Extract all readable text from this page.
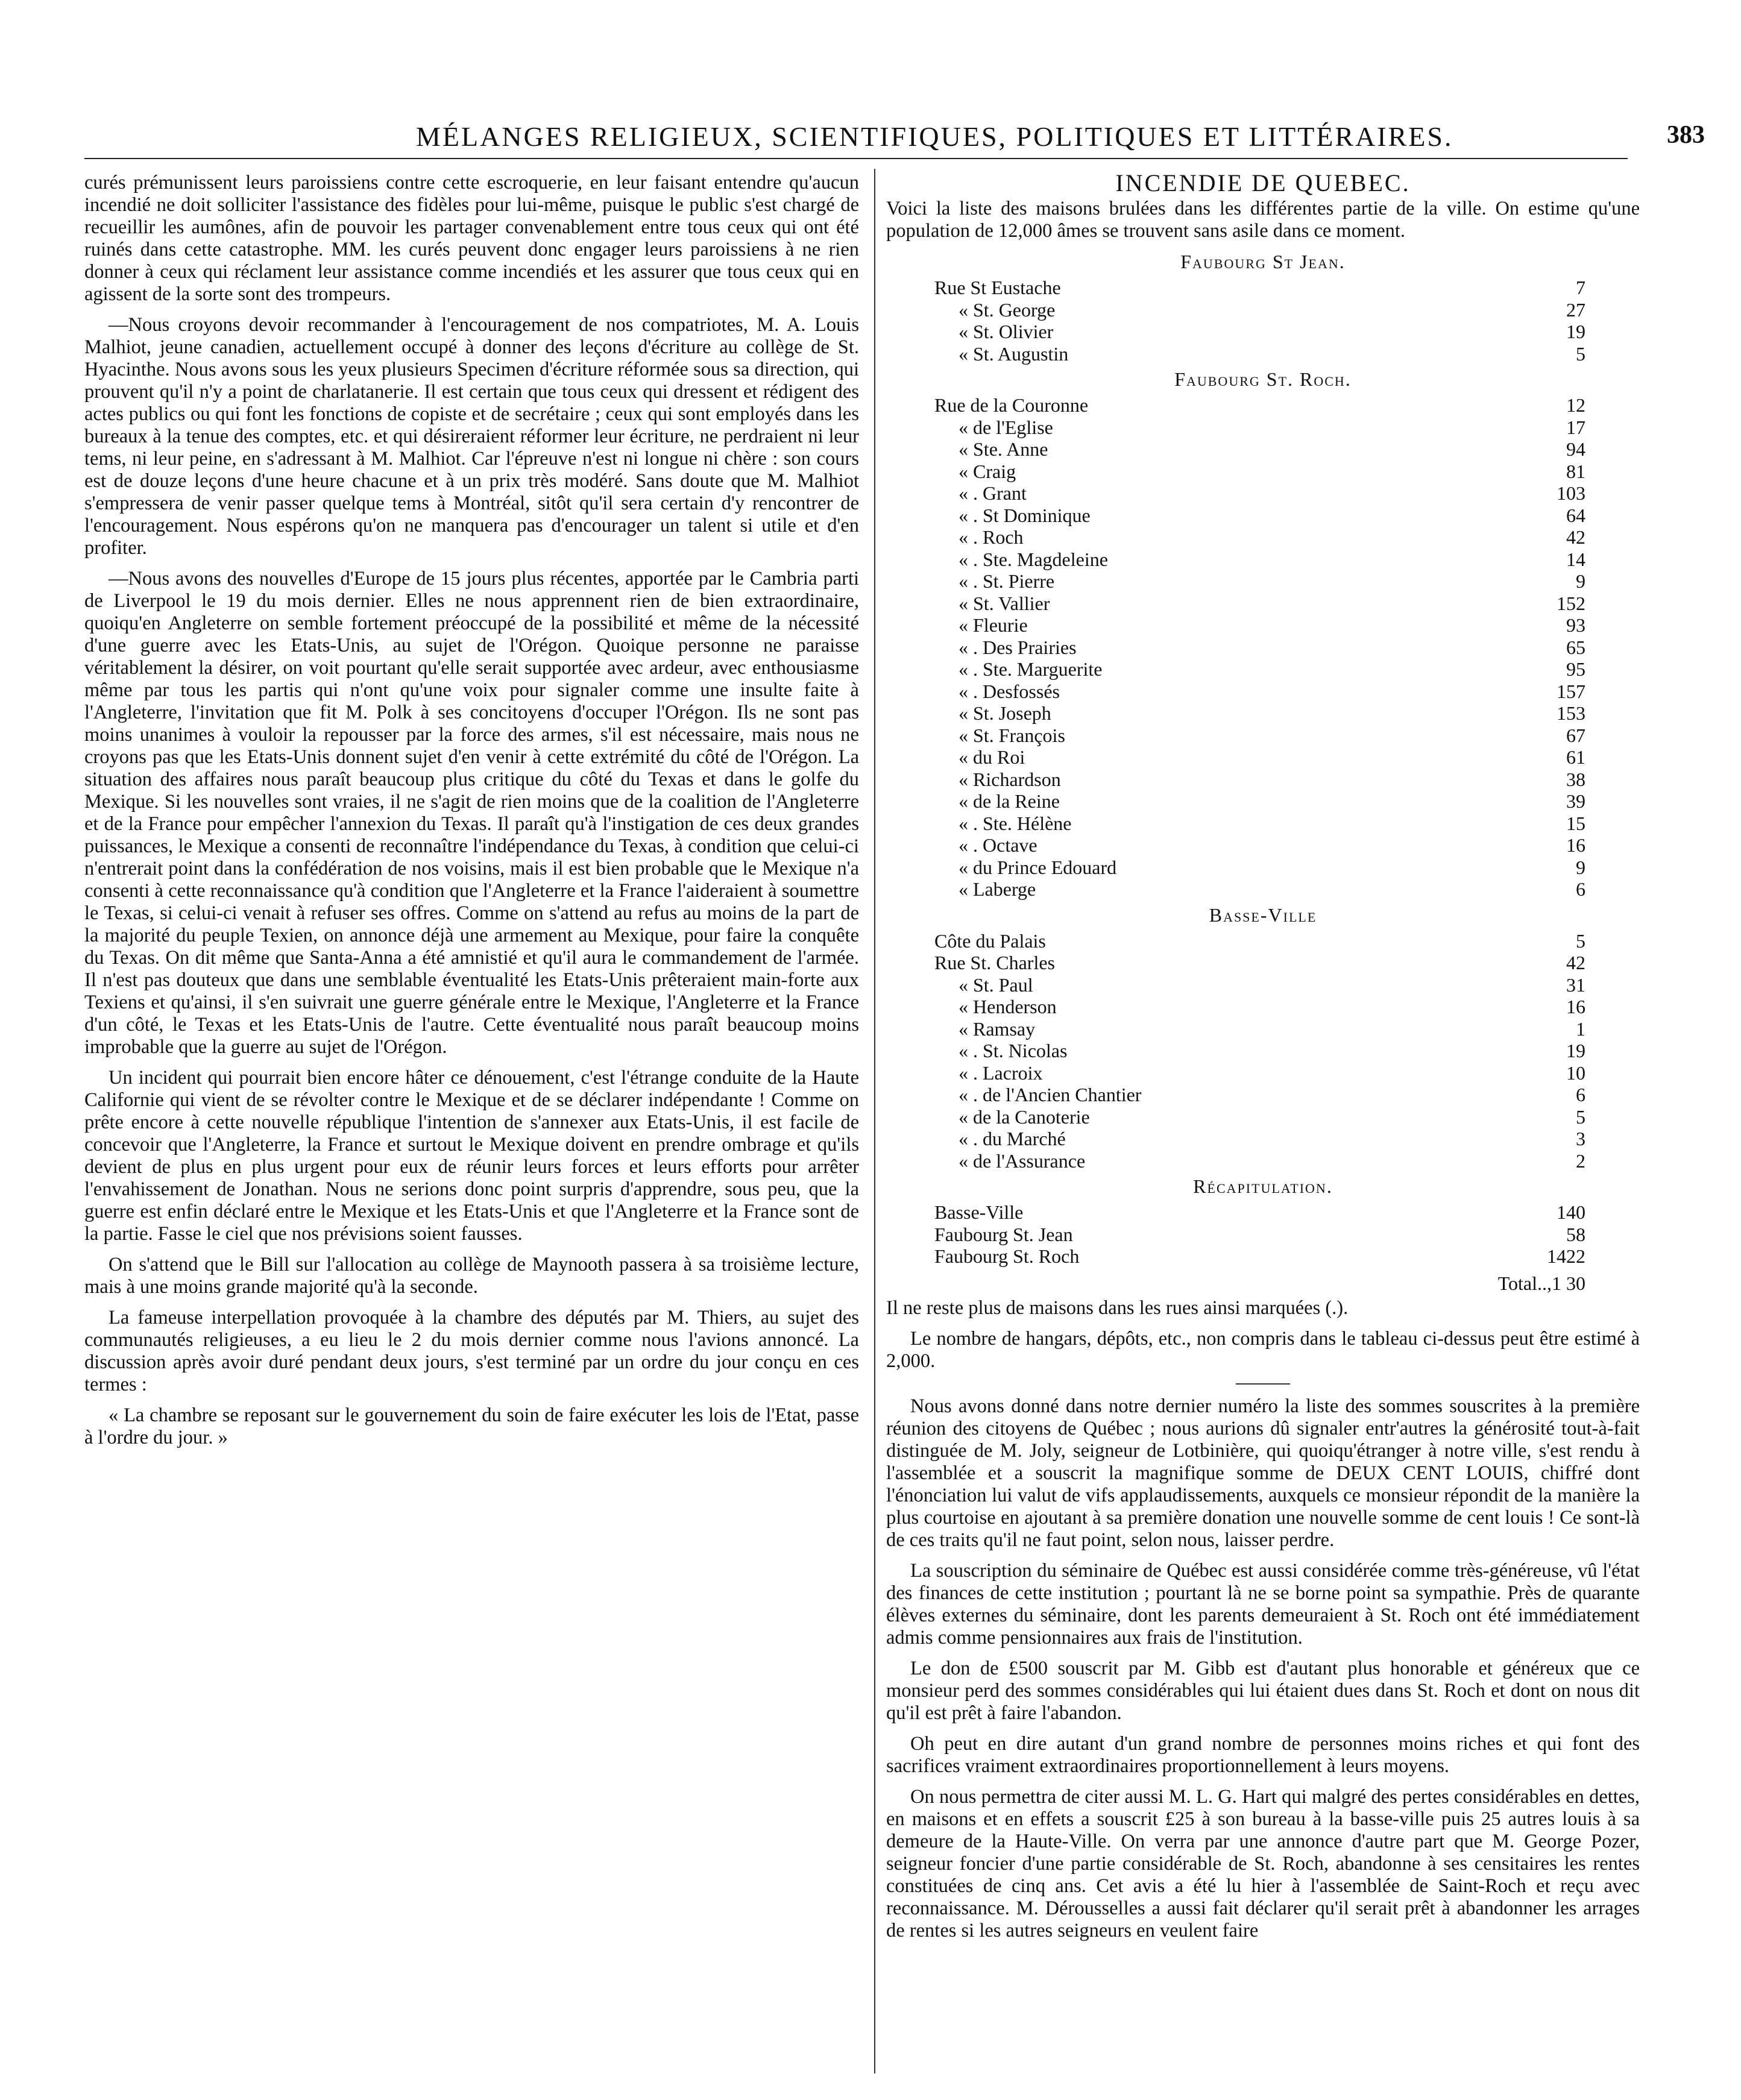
MÉLANGES RELIGIEUX, SCIENTIFIQUES, POLITIQUES ET LITTÉRAIRES.	383

curés prémunissent leurs paroissiens contre cette escroquerie, en leur faisant entendre qu'aucun incendié ne doit solliciter l'assistance des fidèles pour lui-même, puisque le public s'est chargé de recueillir les aumônes, afin de pouvoir les partager convenablement entre tous ceux qui ont été ruinés dans cette catastrophe. MM. les curés peuvent donc engager leurs paroissiens à ne rien donner à ceux qui réclament leur assistance comme incendiés et les assurer que tous ceux qui en agissent de la sorte sont des trompeurs.

—Nous croyons devoir recommander à l'encouragement de nos compatriotes, M. A. Louis Malhiot, jeune canadien, actuellement occupé à donner des leçons d'écriture au collège de St. Hyacinthe. Nous avons sous les yeux plusieurs Specimen d'écriture réformée sous sa direction, qui prouvent qu'il n'y a point de charlatanerie. Il est certain que tous ceux qui dressent et rédigent des actes publics ou qui font les fonctions de copiste et de secrétaire ; ceux qui sont employés dans les bureaux à la tenue des comptes, etc. et qui désireraient réformer leur écriture, ne perdraient ni leur tems, ni leur peine, en s'adressant à M. Malhiot. Car l'épreuve n'est ni longue ni chère : son cours est de douze leçons d'une heure chacune et à un prix très modéré. Sans doute que M. Malhiot s'empressera de venir passer quelque tems à Montréal, sitôt qu'il sera certain d'y rencontrer de l'encouragement. Nous espérons qu'on ne manquera pas d'encourager un talent si utile et d'en profiter.

—Nous avons des nouvelles d'Europe de 15 jours plus récentes, apportée par le Cambria parti de Liverpool le 19 du mois dernier. Elles ne nous apprennent rien de bien extraordinaire, quoiqu'en Angleterre on semble fortement préoccupé de la possibilité et même de la nécessité d'une guerre avec les Etats-Unis, au sujet de l'Orégon. Quoique personne ne paraisse véritablement la désirer, on voit pourtant qu'elle serait supportée avec ardeur, avec enthousiasme même par tous les partis qui n'ont qu'une voix pour signaler comme une insulte faite à l'Angleterre, l'invitation que fit M. Polk à ses concitoyens d'occuper l'Orégon. Ils ne sont pas moins unanimes à vouloir la repousser par la force des armes, s'il est nécessaire, mais nous ne croyons pas que les Etats-Unis donnent sujet d'en venir à cette extrémité du côté de l'Orégon. La situation des affaires nous paraît beaucoup plus critique du côté du Texas et dans le golfe du Mexique. Si les nouvelles sont vraies, il ne s'agit de rien moins que de la coalition de l'Angleterre et de la France pour empêcher l'annexion du Texas. Il paraît qu'à l'instigation de ces deux grandes puissances, le Mexique a consenti de reconnaître l'indépendance du Texas, à condition que celui-ci n'entrerait point dans la confédération de nos voisins, mais il est bien probable que le Mexique n'a consenti à cette reconnaissance qu'à condition que l'Angleterre et la France l'aideraient à soumettre le Texas, si celui-ci venait à refuser ses offres. Comme on s'attend au refus au moins de la part de la majorité du peuple Texien, on annonce déjà une armement au Mexique, pour faire la conquête du Texas. On dit même que Santa-Anna a été amnistié et qu'il aura le commandement de l'armée. Il n'est pas douteux que dans une semblable éventualité les Etats-Unis prêteraient main-forte aux Texiens et qu'ainsi, il s'en suivrait une guerre générale entre le Mexique, l'Angleterre et la France d'un côté, le Texas et les Etats-Unis de l'autre. Cette éventualité nous paraît beaucoup moins improbable que la guerre au sujet de l'Orégon.

Un incident qui pourrait bien encore hâter ce dénouement, c'est l'étrange conduite de la Haute Californie qui vient de se révolter contre le Mexique et de se déclarer indépendante ! Comme on prête encore à cette nouvelle république l'intention de s'annexer aux Etats-Unis, il est facile de concevoir que l'Angleterre, la France et surtout le Mexique doivent en prendre ombrage et qu'ils devient de plus en plus urgent pour eux de réunir leurs forces et leurs efforts pour arrêter l'envahissement de Jonathan. Nous ne serions donc point surpris d'apprendre, sous peu, que la guerre est enfin déclaré entre le Mexique et les Etats-Unis et que l'Angleterre et la France sont de la partie. Fasse le ciel que nos prévisions soient fausses.

On s'attend que le Bill sur l'allocation au collège de Maynooth passera à sa troisième lecture, mais à une moins grande majorité qu'à la seconde.

La fameuse interpellation provoquée à la chambre des députés par M. Thiers, au sujet des communautés religieuses, a eu lieu le 2 du mois dernier comme nous l'avions annoncé. La discussion après avoir duré pendant deux jours, s'est terminé par un ordre du jour conçu en ces termes :

« La chambre se reposant sur le gouvernement du soin de faire exécuter les lois de l'Etat, passe à l'ordre du jour. »

INCENDIE DE QUEBEC.

Voici la liste des maisons brulées dans les différentes partie de la ville. On estime qu'une population de 12,000 âmes se trouvent sans asile dans ce moment.

Faubourg St Jean.
Rue St Eustache	7
« St. George	27
« St. Olivier	19
« St. Augustin	5
Faubourg St. Roch.
Rue de la Couronne	12
« de l'Eglise	17
« Ste. Anne	94
« Craig	81
« . Grant	103
« . St Dominique	64
« . Roch	42
« . Ste. Magdeleine	14
« . St. Pierre	9
« St. Vallier	152
« Fleurie	93
« . Des Prairies	65
« . Ste. Marguerite	95
« . Desfossés	157
« St. Joseph	153
« St. François	67
« du Roi	61
« Richardson	38
« de la Reine	39
« . Ste. Hélène	15
« . Octave	16
« du Prince Edouard	9
« Laberge	6
Basse-Ville
Côte du Palais	5
Rue St. Charles	42
« St. Paul	31
« Henderson	16
« Ramsay	1
« . St. Nicolas	19
« . Lacroix	10
« . de l'Ancien Chantier	6
« de la Canoterie	5
« . du Marché	3
« de l'Assurance	2
Récapitulation.
Basse-Ville	140
Faubourg St. Jean	58
Faubourg St. Roch	1422
Total..,1 30

Il ne reste plus de maisons dans les rues ainsi marquées (.).

Le nombre de hangars, dépôts, etc., non compris dans le tableau ci-dessus peut être estimé à 2,000.

Nous avons donné dans notre dernier numéro la liste des sommes souscrites à la première réunion des citoyens de Québec ; nous aurions dû signaler entr'autres la générosité tout-à-fait distinguée de M. Joly, seigneur de Lotbinière, qui quoiqu'étranger à notre ville, s'est rendu à l'assemblée et a souscrit la magnifique somme de DEUX CENT LOUIS, chiffré dont l'énonciation lui valut de vifs applaudissements, auxquels ce monsieur répondit de la manière la plus courtoise en ajoutant à sa première donation une nouvelle somme de cent louis ! Ce sont-là de ces traits qu'il ne faut point, selon nous, laisser perdre.

La souscription du séminaire de Québec est aussi considérée comme très-généreuse, vû l'état des finances de cette institution ; pourtant là ne se borne point sa sympathie. Près de quarante élèves externes du séminaire, dont les parents demeuraient à St. Roch ont été immédiatement admis comme pensionnaires aux frais de l'institution.

Le don de £500 souscrit par M. Gibb est d'autant plus honorable et généreux que ce monsieur perd des sommes considérables qui lui étaient dues dans St. Roch et dont on nous dit qu'il est prêt à faire l'abandon.

Oh peut en dire autant d'un grand nombre de personnes moins riches et qui font des sacrifices vraiment extraordinaires proportionnellement à leurs moyens.

On nous permettra de citer aussi M. L. G. Hart qui malgré des pertes considérables en dettes, en maisons et en effets a souscrit £25 à son bureau à la basse-ville puis 25 autres louis à sa demeure de la Haute-Ville. On verra par une annonce d'autre part que M. George Pozer, seigneur foncier d'une partie considérable de St. Roch, abandonne à ses censitaires les rentes constituées de cinq ans. Cet avis a été lu hier à l'assemblée de Saint-Roch et reçu avec reconnaissance. M. Dérousselles a aussi fait déclarer qu'il serait prêt à abandonner les arrages de rentes si les autres seigneurs en veulent faire
